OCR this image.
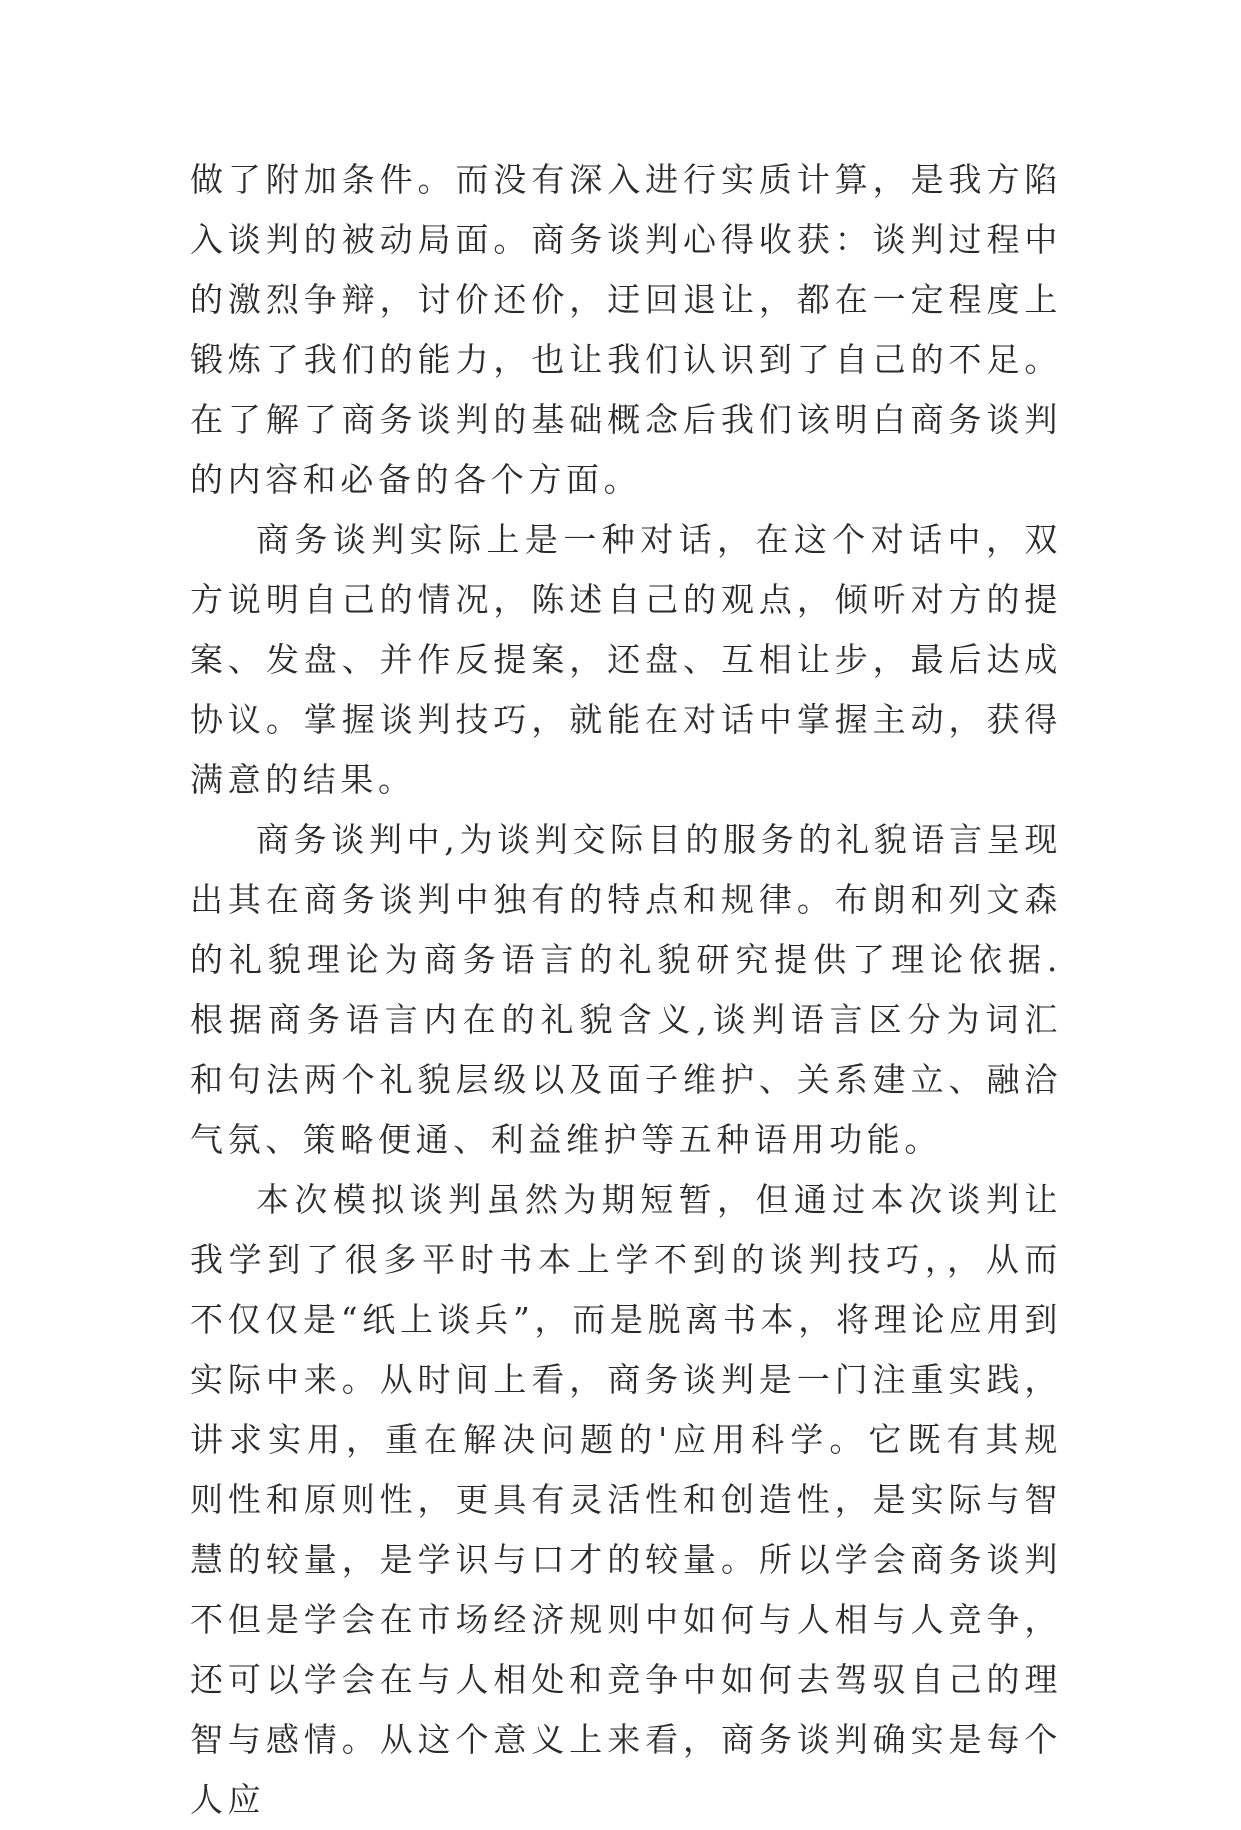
做了附加条件。而没有深入进行实质计算，是我方陷入谈判的被动局面。商务谈判心得收获：谈判过程中的激烈争辩，讨价还价，迂回退让，都在一定程度上锻炼了我们的能力，也让我们认识到了自己的不足。在了解了商务谈判的基础概念后我们该明白商务谈判的内容和必备的各个方面。

商务谈判实际上是一种对话，在这个对话中，双方说明自己的情况，陈述自己的观点，倾听对方的提案、发盘、并作反提案，还盘、互相让步，最后达成协议。掌握谈判技巧，就能在对话中掌握主动，获得满意的结果。

商务谈判中,为谈判交际目的服务的礼貌语言呈现出其在商务谈判中独有的特点和规律。布朗和列文森的礼貌理论为商务语言的礼貌研究提供了理论依据.根据商务语言内在的礼貌含义,谈判语言区分为词汇和句法两个礼貌层级以及面子维护、关系建立、融洽气氛、策略便通、利益维护等五种语用功能。

本次模拟谈判虽然为期短暂，但通过本次谈判让我学到了很多平时书本上学不到的谈判技巧，，从而不仅仅是“纸上谈兵”，而是脱离书本，将理论应用到实际中来。从时间上看，商务谈判是一门注重实践，讲求实用，重在解决问题的'应用科学。它既有其规则性和原则性，更具有灵活性和创造性，是实际与智慧的较量，是学识与口才的较量。所以学会商务谈判不但是学会在市场经济规则中如何与人相与人竞争，还可以学会在与人相处和竞争中如何去驾驭自己的理智与感情。从这个意义上来看，商务谈判确实是每个人应
